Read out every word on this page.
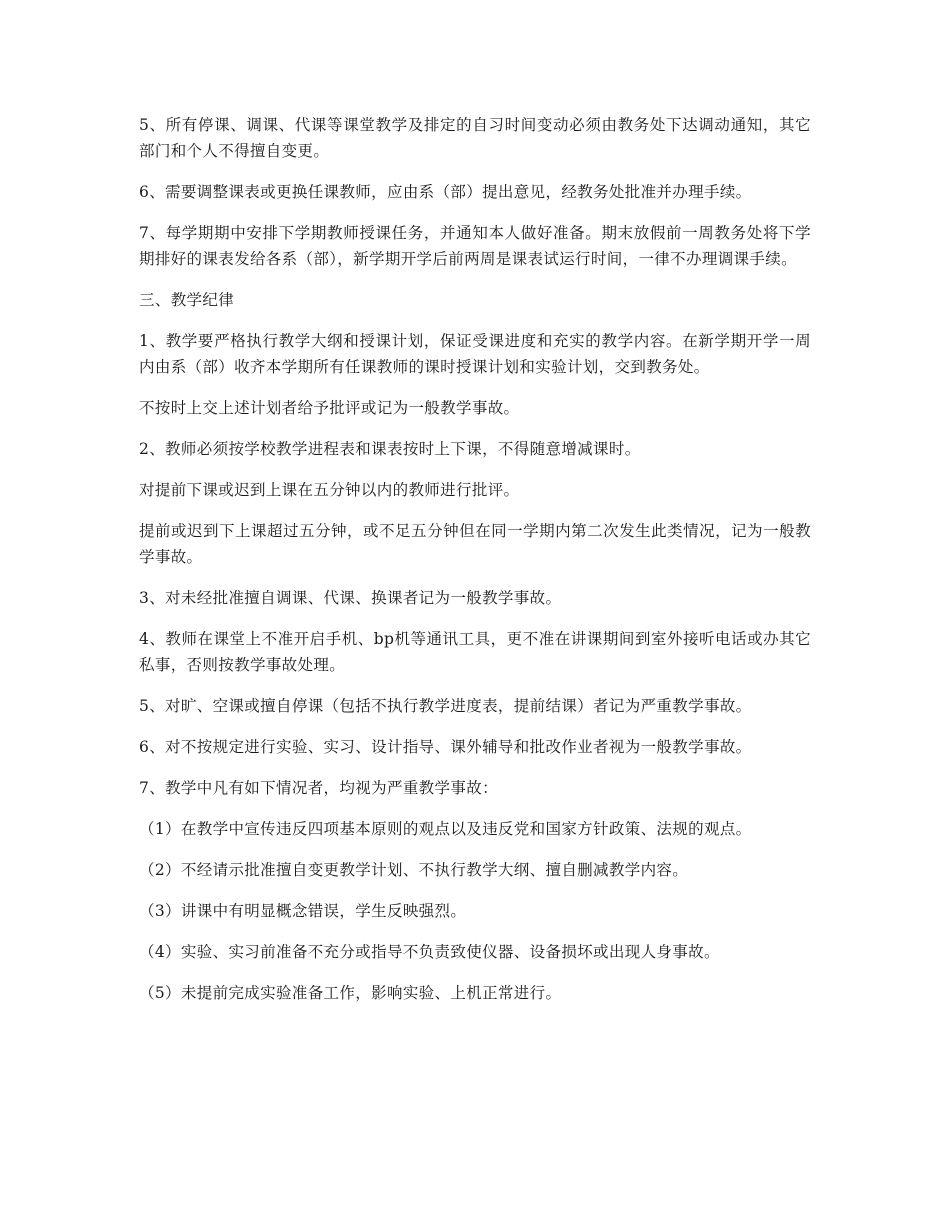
5、所有停课、调课、代课等课堂教学及排定的自习时间变动必须由教务处下达调动通知，其它部门和个人不得擅自变更。

6、需要调整课表或更换任课教师，应由系（部）提出意见，经教务处批准并办理手续。

7、每学期期中安排下学期教师授课任务，并通知本人做好准备。期末放假前一周教务处将下学期排好的课表发给各系（部），新学期开学后前两周是课表试运行时间，一律不办理调课手续。

三、教学纪律

1、教学要严格执行教学大纲和授课计划，保证受课进度和充实的教学内容。在新学期开学一周内由系（部）收齐本学期所有任课教师的课时授课计划和实验计划，交到教务处。

不按时上交上述计划者给予批评或记为一般教学事故。

2、教师必须按学校教学进程表和课表按时上下课，不得随意增减课时。

对提前下课或迟到上课在五分钟以内的教师进行批评。

提前或迟到下上课超过五分钟，或不足五分钟但在同一学期内第二次发生此类情况，记为一般教学事故。

3、对未经批准擅自调课、代课、换课者记为一般教学事故。

4、教师在课堂上不准开启手机、bp机等通讯工具，更不准在讲课期间到室外接听电话或办其它私事，否则按教学事故处理。

5、对旷、空课或擅自停课（包括不执行教学进度表，提前结课）者记为严重教学事故。

6、对不按规定进行实验、实习、设计指导、课外辅导和批改作业者视为一般教学事故。

7、教学中凡有如下情况者，均视为严重教学事故：

（1）在教学中宣传违反四项基本原则的观点以及违反党和国家方针政策、法规的观点。

（2）不经请示批准擅自变更教学计划、不执行教学大纲、擅自删减教学内容。

（3）讲课中有明显概念错误，学生反映强烈。

（4）实验、实习前准备不充分或指导不负责致使仪器、设备损坏或出现人身事故。

（5）未提前完成实验准备工作，影响实验、上机正常进行。
